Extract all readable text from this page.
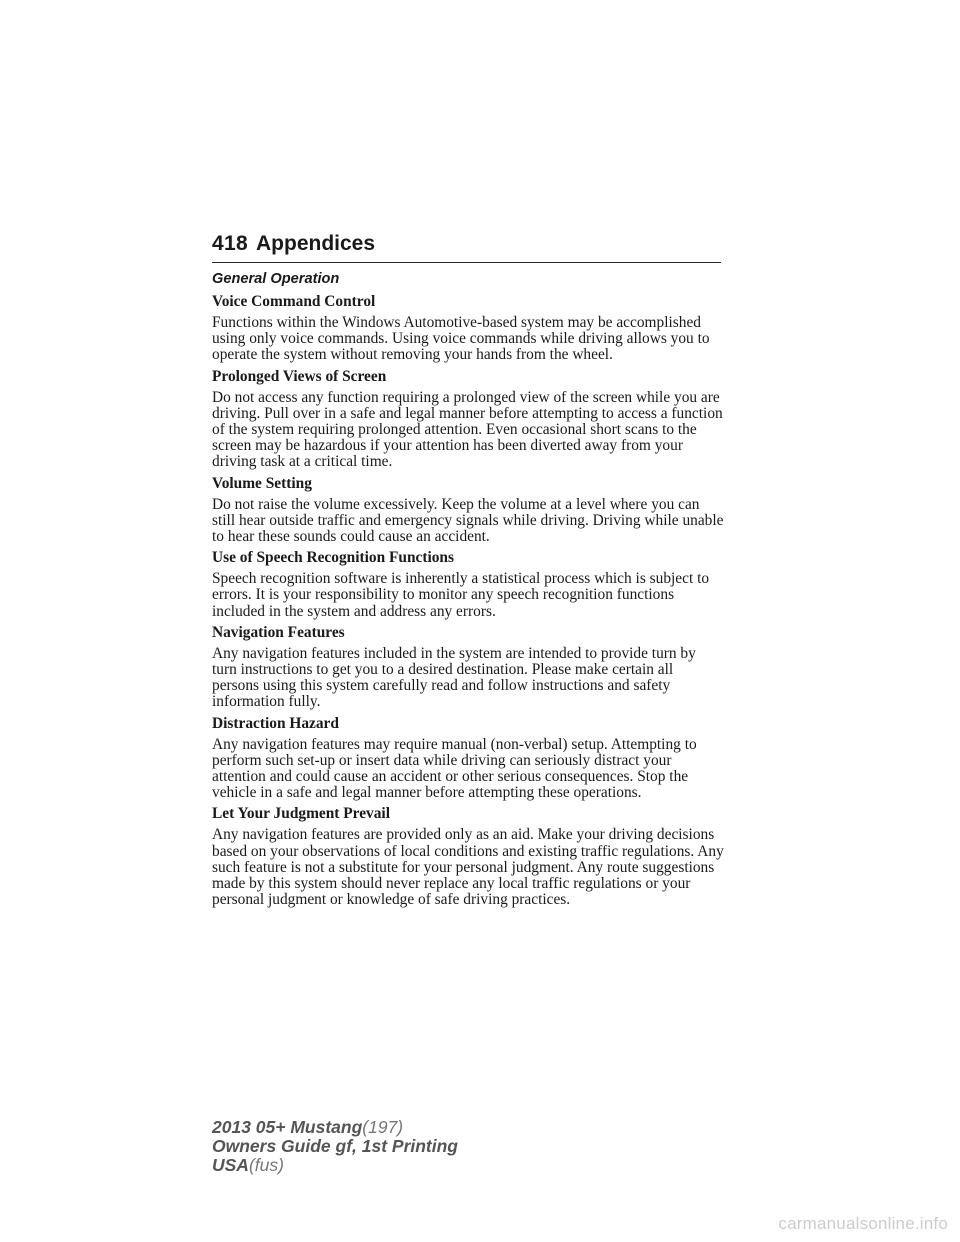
418 Appendices
General Operation
Voice Command Control

Functions within the Windows Automotive-based system may be accomplished using only voice commands. Using voice commands while driving allows you to operate the system without removing your hands from the wheel.

Prolonged Views of Screen

Do not access any function requiring a prolonged view of the screen while you are driving. Pull over in a safe and legal manner before attempting to access a function of the system requiring prolonged attention. Even occasional short scans to the screen may be hazardous if your attention has been diverted away from your driving task at a critical time.

Volume Setting

Do not raise the volume excessively. Keep the volume at a level where you can still hear outside traffic and emergency signals while driving. Driving while unable to hear these sounds could cause an accident.

Use of Speech Recognition Functions

Speech recognition software is inherently a statistical process which is subject to errors. It is your responsibility to monitor any speech recognition functions included in the system and address any errors.

Navigation Features

Any navigation features included in the system are intended to provide turn by turn instructions to get you to a desired destination. Please make certain all persons using this system carefully read and follow instructions and safety information fully.

Distraction Hazard

Any navigation features may require manual (non-verbal) setup. Attempting to perform such set-up or insert data while driving can seriously distract your attention and could cause an accident or other serious consequences. Stop the vehicle in a safe and legal manner before attempting these operations.

Let Your Judgment Prevail

Any navigation features are provided only as an aid. Make your driving decisions based on your observations of local conditions and existing traffic regulations. Any such feature is not a substitute for your personal judgment. Any route suggestions made by this system should never replace any local traffic regulations or your personal judgment or knowledge of safe driving practices.

2013 05+ Mustang(197)
Owners Guide gf, 1st Printing
USA(fus)
carmanualsonline.info
